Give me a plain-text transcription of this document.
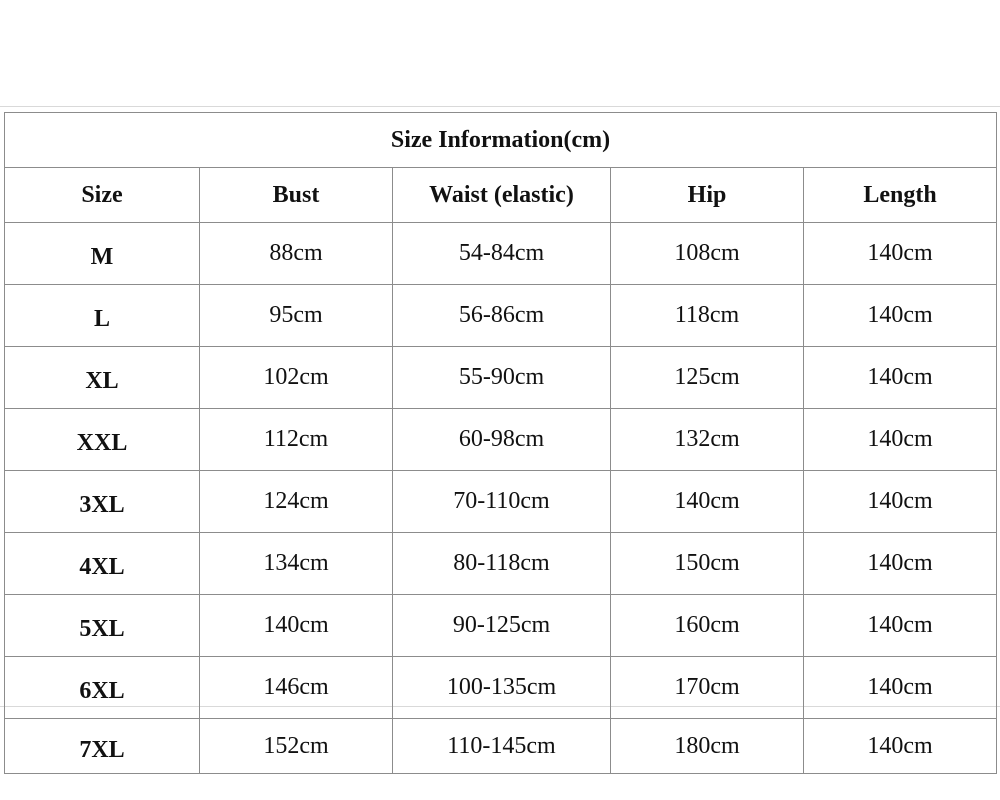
Size Information(cm)				
Size	Bust	Waist (elastic)	Hip	Length
M	88cm	54-84cm	108cm	140cm
L	95cm	56-86cm	118cm	140cm
XL	102cm	55-90cm	125cm	140cm
XXL	112cm	60-98cm	132cm	140cm
3XL	124cm	70-110cm	140cm	140cm
4XL	134cm	80-118cm	150cm	140cm
5XL	140cm	90-125cm	160cm	140cm
6XL	146cm	100-135cm	170cm	140cm
7XL	152cm	110-145cm	180cm	140cm
